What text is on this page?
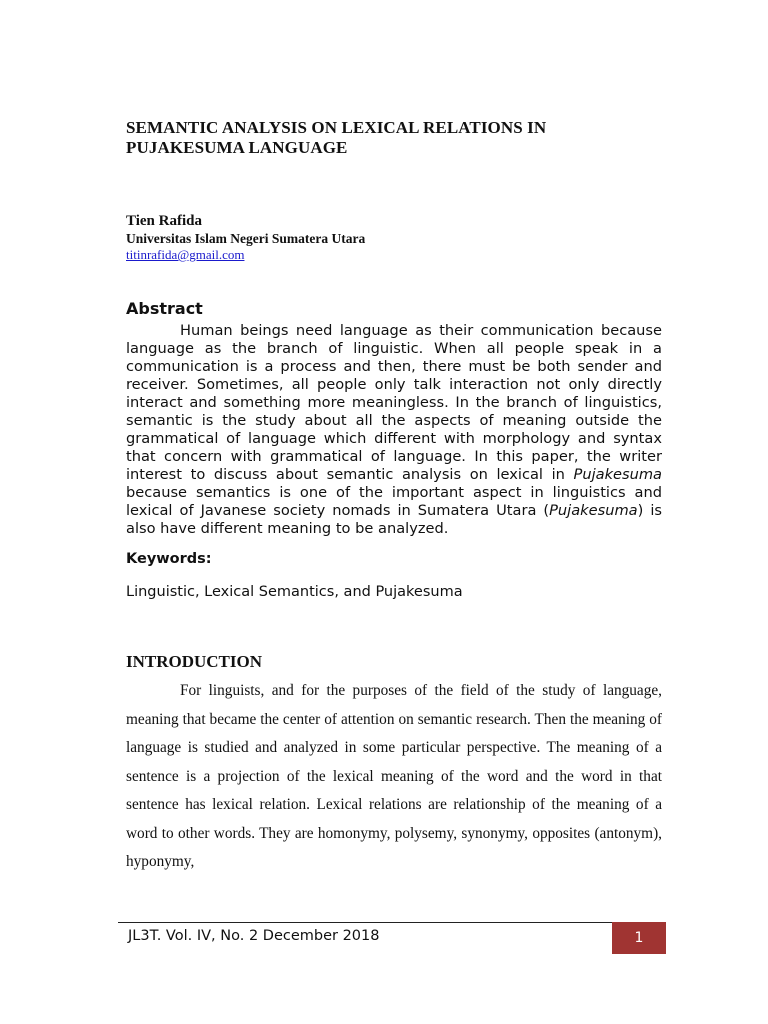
SEMANTIC ANALYSIS ON LEXICAL RELATIONS IN PUJAKESUMA LANGUAGE
Tien Rafida
Universitas Islam Negeri Sumatera Utara
titinrafida@gmail.com
Abstract
Human beings need language as their communication because language as the branch of linguistic. When all people speak in a communication is a process and then, there must be both sender and receiver. Sometimes, all people only talk interaction not only directly interact and something more meaningless. In the branch of linguistics, semantic is the study about all the aspects of meaning outside the grammatical of language which different with morphology and syntax that concern with grammatical of language. In this paper, the writer interest to discuss about semantic analysis on lexical in Pujakesuma because semantics is one of the important aspect in linguistics and lexical of Javanese society nomads in Sumatera Utara (Pujakesuma) is also have different meaning to be analyzed.
Keywords:
Linguistic, Lexical Semantics, and Pujakesuma
INTRODUCTION

For linguists, and for the purposes of the field of the study of language, meaning that became the center of attention on semantic research. Then the meaning of language is studied and analyzed in some particular perspective. The meaning of a sentence is a projection of the lexical meaning of the word and the word in that sentence has lexical relation. Lexical relations are relationship of the meaning of a word to other words. They are homonymy, polysemy, synonymy, opposites (antonym), hyponymy,

JL3T. Vol. IV, No. 2 December 2018	1
